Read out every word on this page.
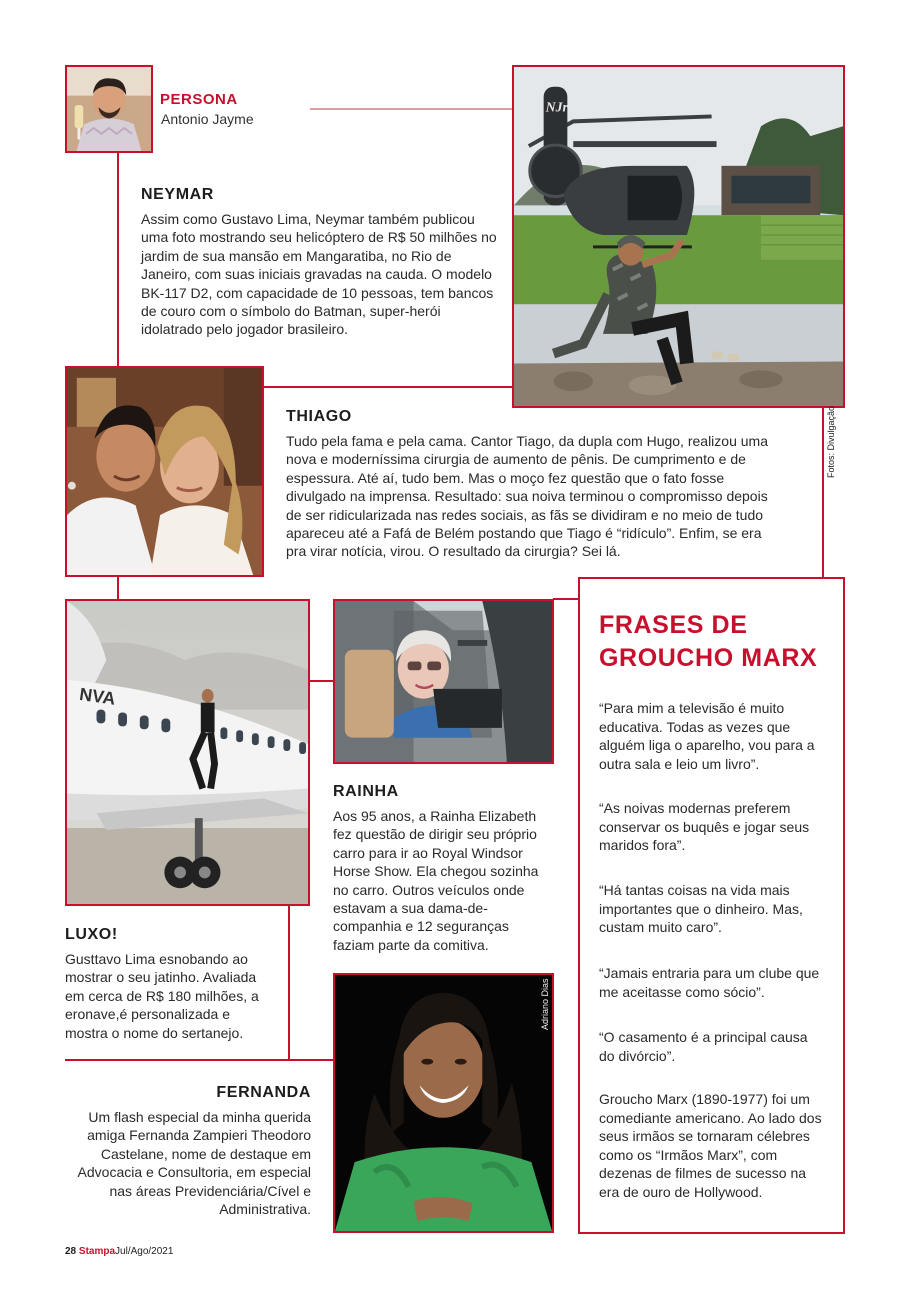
PERSONA
Antonio Jayme
NEYMAR

Assim como Gustavo Lima, Neymar também publicou uma foto mostrando seu helicóptero de R$ 50 milhões no jardim de sua mansão em Mangaratiba, no Rio de Janeiro, com suas iniciais gravadas na cauda. O modelo BK-117 D2, com capacidade de 10 pessoas, tem bancos de couro com o símbolo do Batman, super-herói idolatrado pelo jogador brasileiro.

NJr
Fotos: Divulgação
THIAGO

Tudo pela fama e pela cama. Cantor Tiago, da dupla com Hugo, realizou uma nova e moderníssima cirurgia de aumento de pênis. De cumprimento e de espessura. Até aí, tudo bem. Mas o moço fez questão que o fato fosse divulgado na imprensa. Resultado: sua noiva terminou o compromisso depois de ser ridicularizada nas redes sociais, as fãs se dividiram e no meio de tudo apareceu até a Fafá de Belém postando que Tiago é “ridículo”. Enfim, se era pra virar notícia, virou. O resultado da cirurgia? Sei lá.

NVA
LUXO!

Gusttavo Lima esnobando ao mostrar o seu jatinho. Avaliada em cerca de R$ 180 milhões, a eronave,é personalizada e mostra o nome do sertanejo.

RAINHA

Aos 95 anos, a Rainha Elizabeth fez questão de dirigir seu próprio carro para ir ao Royal Windsor Horse Show. Ela chegou sozinha no carro. Outros veículos onde estavam a sua dama-de-companhia e 12 seguranças faziam parte da comitiva.

FERNANDA

Um flash especial da minha querida amiga Fernanda Zampieri Theodoro Castelane, nome de destaque em Advocacia e Consultoria, em especial nas áreas Previdenciária/Cível e Administrativa.

Adriano Dias
FRASES DE
GROUCHO MARX

“Para mim a televisão é muito educativa. Todas as vezes que alguém liga o aparelho, vou para a outra sala e leio um livro”.

“As noivas modernas preferem conservar os buquês e jogar seus maridos fora”.

“Há tantas coisas na vida mais importantes que o dinheiro. Mas, custam muito caro”.

“Jamais entraria para um clube que me aceitasse como sócio”.

“O casamento é a principal causa do divórcio”.

Groucho Marx (1890-1977) foi um comediante americano. Ao lado dos seus irmãos se tornaram célebres como os “Irmãos Marx”, com dezenas de filmes de sucesso na era de ouro de Hollywood.

28 StampaJul/Ago/2021
